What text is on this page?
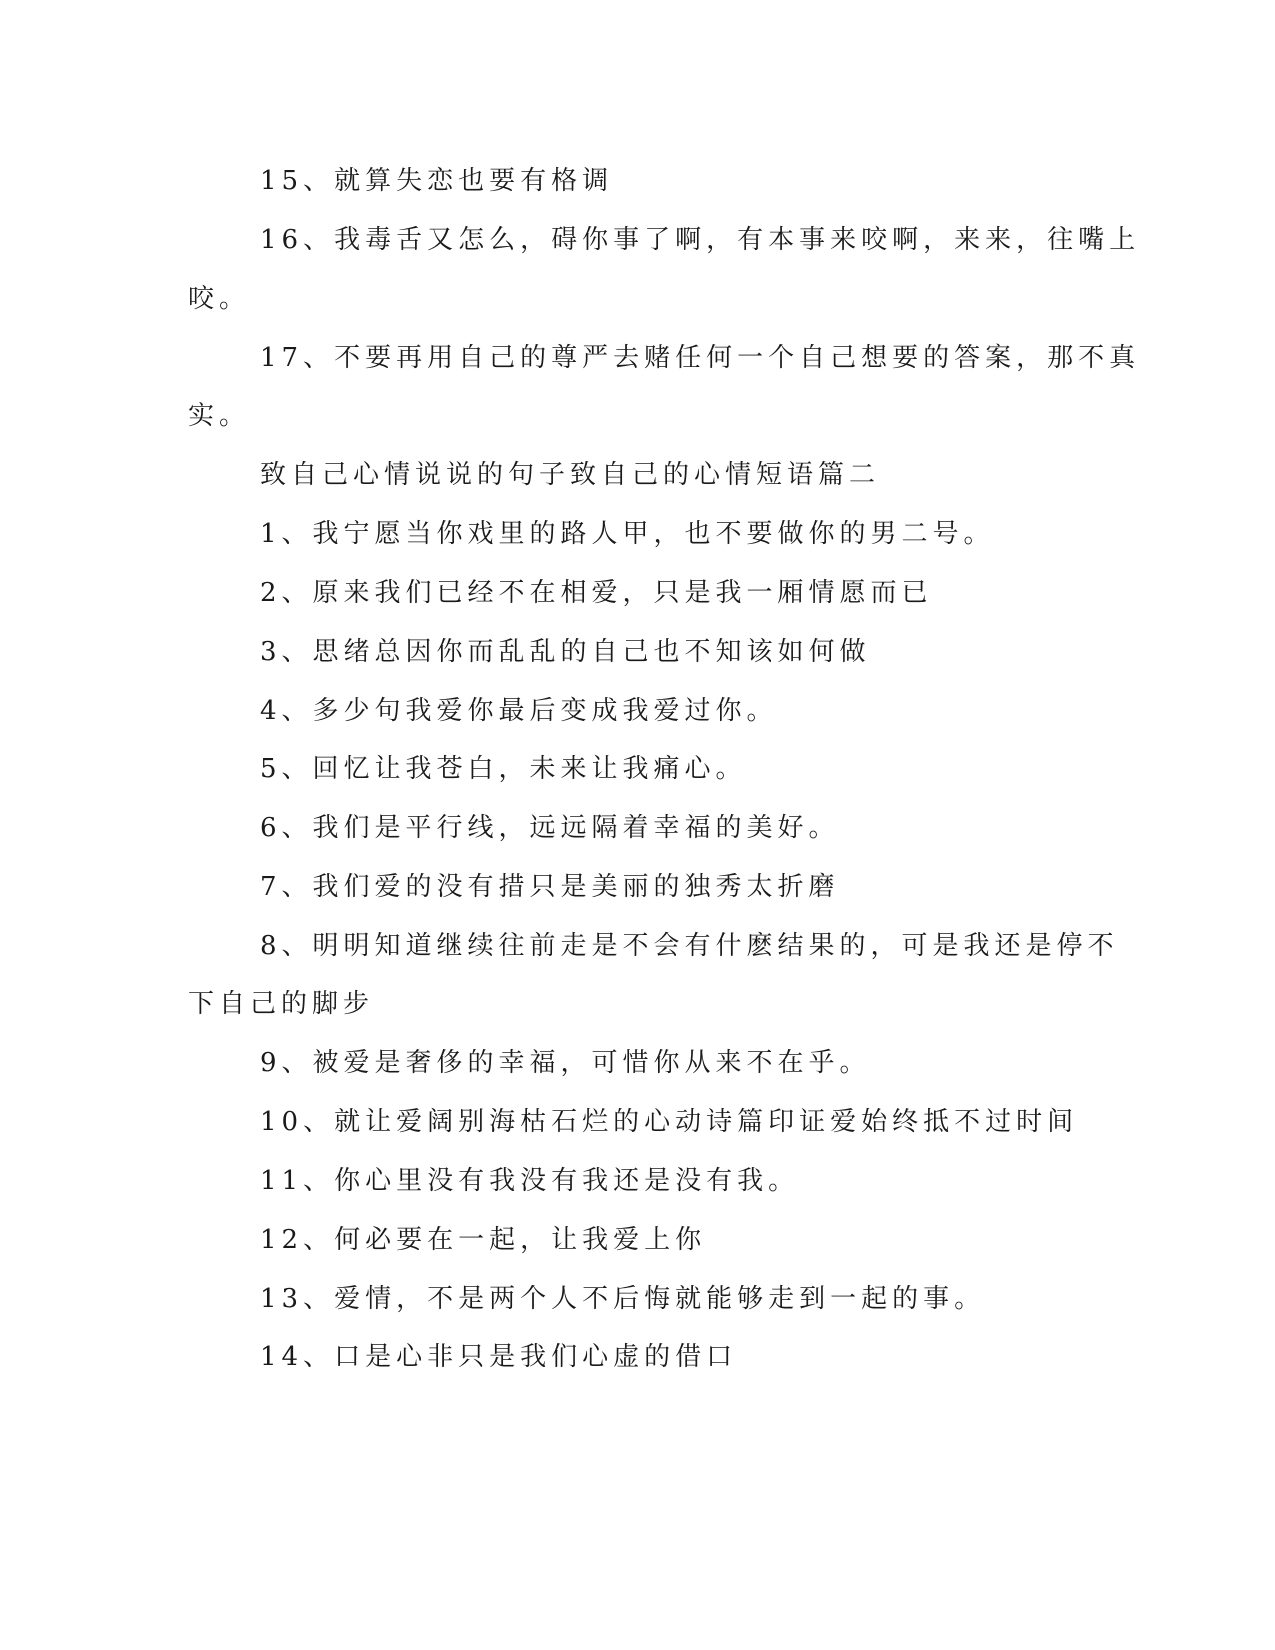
15、就算失恋也要有格调
16、我毒舌又怎么，碍你事了啊，有本事来咬啊，来来，往嘴上
咬。
17、不要再用自己的尊严去赌任何一个自己想要的答案，那不真
实。
致自己心情说说的句子致自己的心情短语篇二
1、我宁愿当你戏里的路人甲，也不要做你的男二号。
2、原来我们已经不在相爱，只是我一厢情愿而已
3、思绪总因你而乱乱的自己也不知该如何做
4、多少句我爱你最后变成我爱过你。
5、回忆让我苍白，未来让我痛心。
6、我们是平行线，远远隔着幸福的美好。
7、我们爱的没有措只是美丽的独秀太折磨
8、明明知道继续往前走是不会有什麽结果的，可是我还是停不
下自己的脚步
9、被爱是奢侈的幸福，可惜你从来不在乎。
10、就让爱阔别海枯石烂的心动诗篇印证爱始终抵不过时间
11、你心里没有我没有我还是没有我。
12、何必要在一起，让我爱上你
13、爱情，不是两个人不后悔就能够走到一起的事。
14、口是心非只是我们心虚的借口
